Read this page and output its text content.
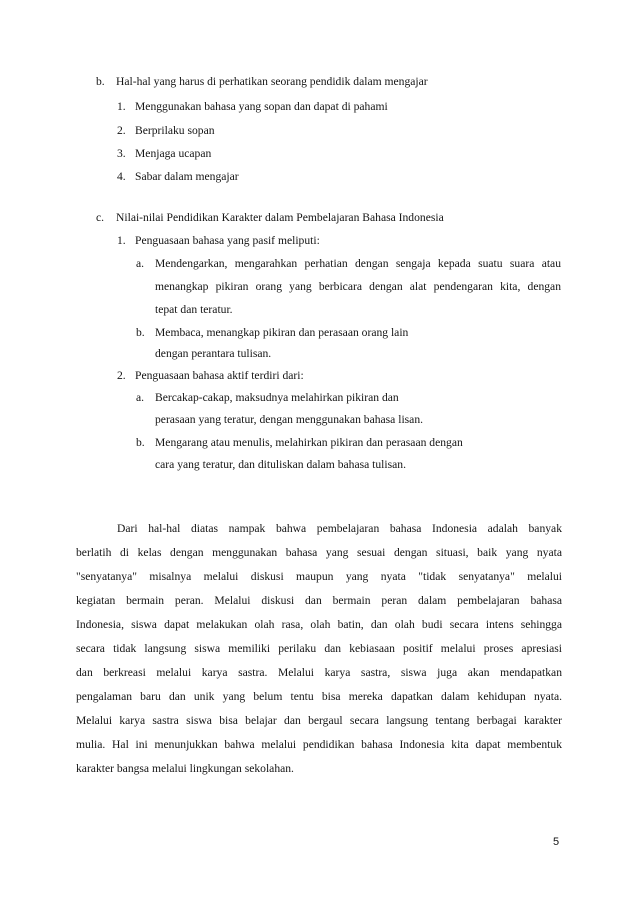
b. Hal-hal yang harus di perhatikan seorang pendidik dalam mengajar
1. Menggunakan bahasa yang sopan dan dapat di pahami
2. Berprilaku sopan
3. Menjaga ucapan
4. Sabar dalam mengajar
c. Nilai-nilai Pendidikan Karakter dalam Pembelajaran Bahasa Indonesia
1. Penguasaan bahasa yang pasif meliputi:
a. Mendengarkan, mengarahkan perhatian dengan sengaja kepada suatu suara atau
menangkap pikiran orang yang berbicara dengan alat pendengaran kita, dengan
tepat dan teratur.
b. Membaca, menangkap pikiran dan perasaan orang lain
dengan perantara tulisan.
2. Penguasaan bahasa aktif terdiri dari:
a. Bercakap-cakap, maksudnya melahirkan pikiran dan
perasaan yang teratur, dengan menggunakan bahasa lisan.
b. Mengarang atau menulis, melahirkan pikiran dan perasaan dengan
cara yang teratur, dan dituliskan dalam bahasa tulisan.
Dari hal-hal diatas nampak bahwa pembelajaran bahasa Indonesia adalah banyak
berlatih di kelas dengan menggunakan bahasa yang sesuai dengan situasi, baik yang nyata
"senyatanya" misalnya melalui diskusi maupun yang nyata "tidak senyatanya" melalui
kegiatan bermain peran. Melalui diskusi dan bermain peran dalam pembelajaran bahasa
Indonesia, siswa dapat melakukan olah rasa, olah batin, dan olah budi secara intens sehingga
secara tidak langsung siswa memiliki perilaku dan kebiasaan positif melalui proses apresiasi
dan berkreasi melalui karya sastra. Melalui karya sastra, siswa juga akan mendapatkan
pengalaman baru dan unik yang belum tentu bisa mereka dapatkan dalam kehidupan nyata.
Melalui karya sastra siswa bisa belajar dan bergaul secara langsung tentang berbagai karakter
mulia. Hal ini menunjukkan bahwa melalui pendidikan bahasa Indonesia kita dapat membentuk
karakter bangsa melalui lingkungan sekolahan.
5
